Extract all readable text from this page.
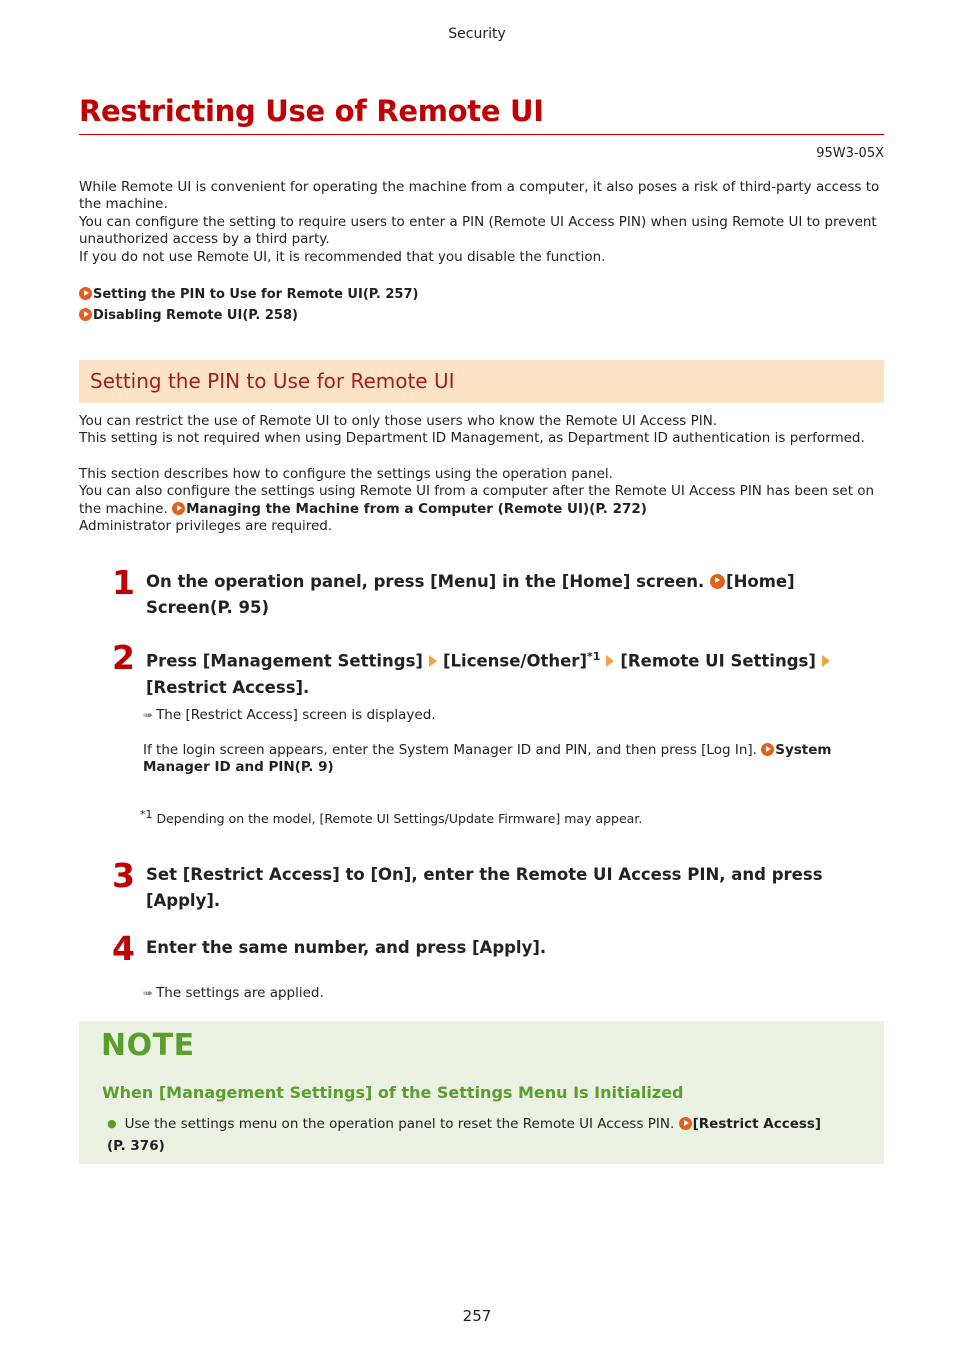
Security
Restricting Use of Remote UI
95W3-05X

While Remote UI is convenient for operating the machine from a computer, it also poses a risk of third-party access to the machine.

You can configure the setting to require users to enter a PIN (Remote UI Access PIN) when using Remote UI to prevent unauthorized access by a third party.

If you do not use Remote UI, it is recommended that you disable the function.

Setting the PIN to Use for Remote UI(P. 257)
Disabling Remote UI(P. 258)
Setting the PIN to Use for Remote UI

You can restrict the use of Remote UI to only those users who know the Remote UI Access PIN.

This setting is not required when using Department ID Management, as Department ID authentication is performed.

This section describes how to configure the settings using the operation panel.

You can also configure the settings using Remote UI from a computer after the Remote UI Access PIN has been set on the machine. Managing the Machine from a Computer (Remote UI)(P. 272)

Administrator privileges are required.

1 On the operation panel, press [Menu] in the [Home] screen. [Home] Screen(P. 95)
2 Press [Management Settings] [License/Other]$^{*1}$ [Remote UI Settings][Restrict Access].
➠ The [Restrict Access] screen is displayed.
If the login screen appears, enter the System Manager ID and PIN, and then press [Log In]. System Manager ID and PIN(P. 9)
$^{*1}$ Depending on the model, [Remote UI Settings/Update Firmware] may appear.
3 Set [Restrict Access] to [On], enter the Remote UI Access PIN, and press [Apply].
4 Enter the same number, and press [Apply].
➠ The settings are applied.
NOTE
When [Management Settings] of the Settings Menu Is Initialized
● Use the settings menu on the operation panel to reset the Remote UI Access PIN. [Restrict Access](P. 376)
257
